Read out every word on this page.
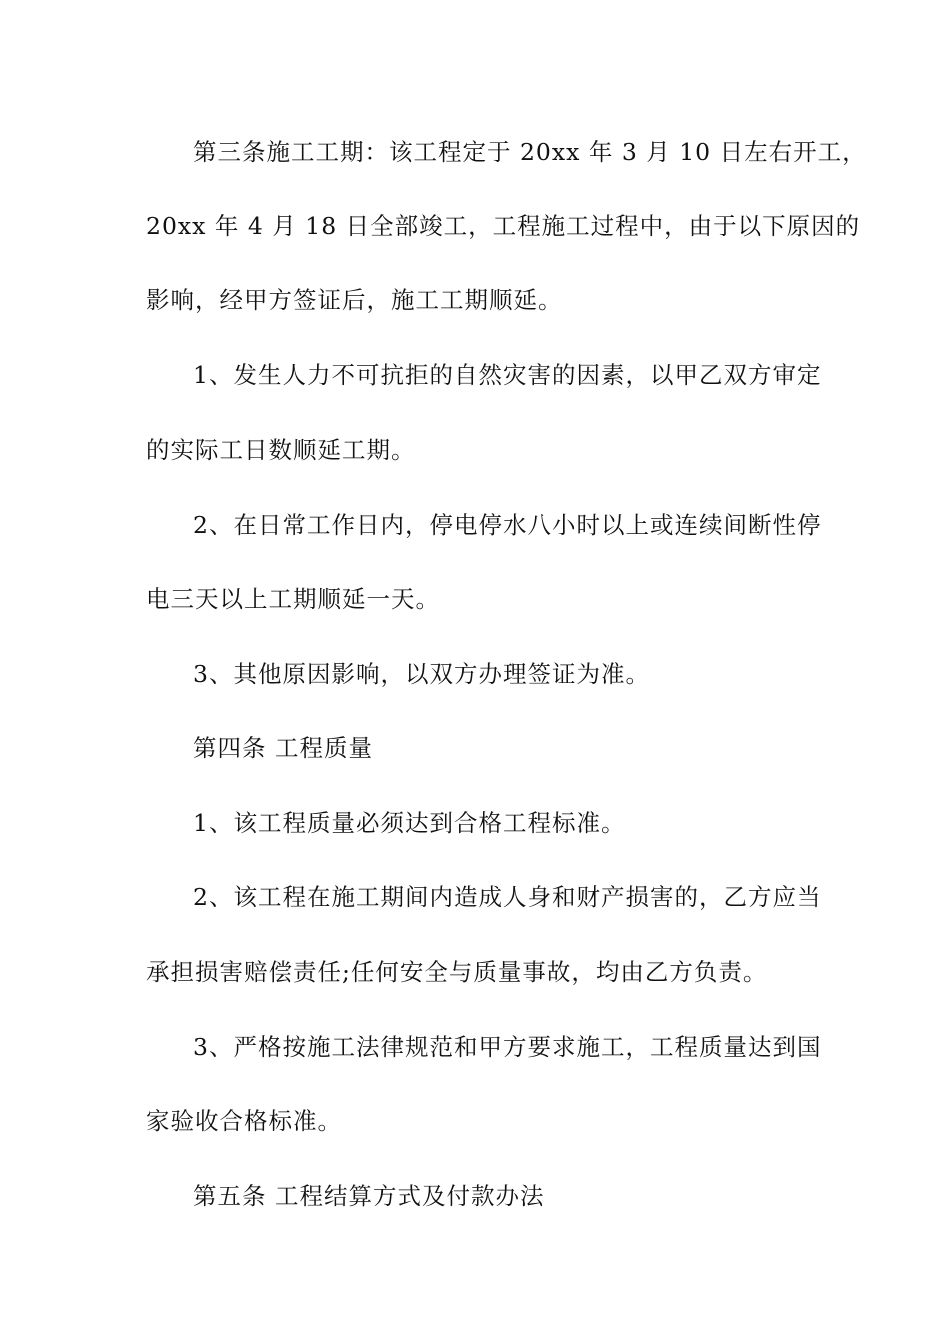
第三条施工工期：该工程定于 20xx 年 3 月 10 日左右开工，
20xx 年 4 月 18 日全部竣工，工程施工过程中，由于以下原因的
影响，经甲方签证后，施工工期顺延。
1、发生人力不可抗拒的自然灾害的因素，以甲乙双方审定
的实际工日数顺延工期。
2、在日常工作日内，停电停水八小时以上或连续间断性停
电三天以上工期顺延一天。
3、其他原因影响，以双方办理签证为准。
第四条 工程质量
1、该工程质量必须达到合格工程标准。
2、该工程在施工期间内造成人身和财产损害的，乙方应当
承担损害赔偿责任;任何安全与质量事故，均由乙方负责。
3、严格按施工法律规范和甲方要求施工，工程质量达到国
家验收合格标准。
第五条 工程结算方式及付款办法
